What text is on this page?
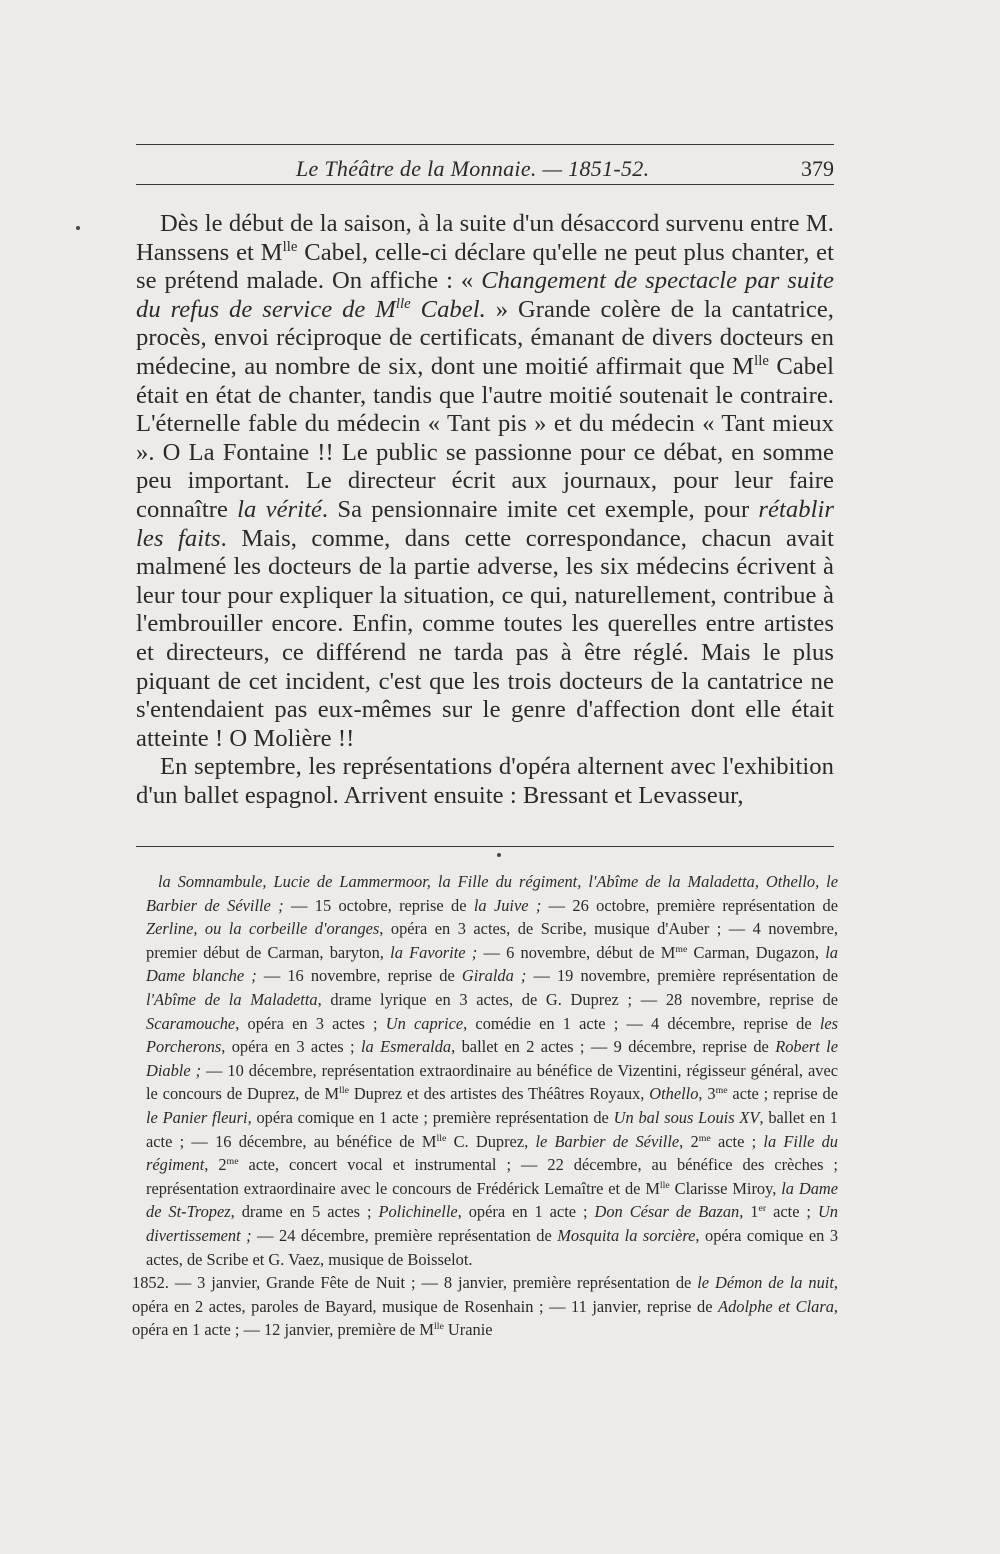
Le Théâtre de la Monnaie. — 1851-52.	379

Dès le début de la saison, à la suite d'un désaccord survenu entre M. Hanssens et $M^{lle}$ Cabel, celle-ci déclare qu'elle ne peut plus chanter, et se prétend malade. On affiche : « Changement de spectacle par suite du refus de service de $M^{lle}$ Cabel. » Grande colère de la cantatrice, procès, envoi réciproque de certificats, émanant de divers docteurs en médecine, au nombre de six, dont une moitié affirmait que $M^{lle}$ Cabel était en état de chanter, tandis que l'autre moitié soutenait le contraire. L'éternelle fable du médecin « Tant pis » et du médecin « Tant mieux ». O La Fontaine !! Le public se passionne pour ce débat, en somme peu important. Le directeur écrit aux journaux, pour leur faire connaître la vérité. Sa pensionnaire imite cet exemple, pour rétablir les faits. Mais, comme, dans cette correspondance, chacun avait malmené les docteurs de la partie adverse, les six médecins écrivent à leur tour pour expliquer la situation, ce qui, naturellement, contribue à l'embrouiller encore. Enfin, comme toutes les querelles entre artistes et directeurs, ce différend ne tarda pas à être réglé. Mais le plus piquant de cet incident, c'est que les trois docteurs de la cantatrice ne s'entendaient pas eux-mêmes sur le genre d'affection dont elle était atteinte ! O Molière !!

En septembre, les représentations d'opéra alternent avec l'exhibition d'un ballet espagnol. Arrivent ensuite : Bressant et Levasseur,

la Somnambule, Lucie de Lammermoor, la Fille du régiment, l'Abîme de la Maladetta, Othello, le Barbier de Séville ; — 15 octobre, reprise de la Juive ; — 26 octobre, première représentation de Zerline, ou la corbeille d'oranges, opéra en 3 actes, de Scribe, musique d'Auber ; — 4 novembre, premier début de Carman, baryton, la Favorite ; — 6 novembre, début de $M^{me}$ Carman, Dugazon, la Dame blanche ; — 16 novembre, reprise de Giralda ; — 19 novembre, première représentation de l'Abîme de la Maladetta, drame lyrique en 3 actes, de G. Duprez ; — 28 novembre, reprise de Scaramouche, opéra en 3 actes ; Un caprice, comédie en 1 acte ; — 4 décembre, reprise de les Porcherons, opéra en 3 actes ; la Esmeralda, ballet en 2 actes ; — 9 décembre, reprise de Robert le Diable ; — 10 décembre, représentation extraordinaire au bénéfice de Vizentini, régisseur général, avec le concours de Duprez, de $M^{lle}$ Duprez et des artistes des Théâtres Royaux, Othello, $3^{me}$ acte ; reprise de le Panier fleuri, opéra comique en 1 acte ; première représentation de Un bal sous Louis XV, ballet en 1 acte ; — 16 décembre, au bénéfice de $M^{lle}$ C. Duprez, le Barbier de Séville, $2^{me}$ acte ; la Fille du régiment, $2^{me}$ acte, concert vocal et instrumental ; — 22 décembre, au bénéfice des crèches ; représentation extraordinaire avec le concours de Frédérick Lemaître et de $M^{lle}$ Clarisse Miroy, la Dame de St-Tropez, drame en 5 actes ; Polichinelle, opéra en 1 acte ; Don César de Bazan, 1er acte ; Un divertissement ; — 24 décembre, première représentation de Mosquita la sorcière, opéra comique en 3 actes, de Scribe et G. Vaez, musique de Boisselot.

1852. — 3 janvier, Grande Fête de Nuit ; — 8 janvier, première représentation de le Démon de la nuit, opéra en 2 actes, paroles de Bayard, musique de Rosenhain ; — 11 janvier, reprise de Adolphe et Clara, opéra en 1 acte ; — 12 janvier, première de $M^{lle}$ Uranie
